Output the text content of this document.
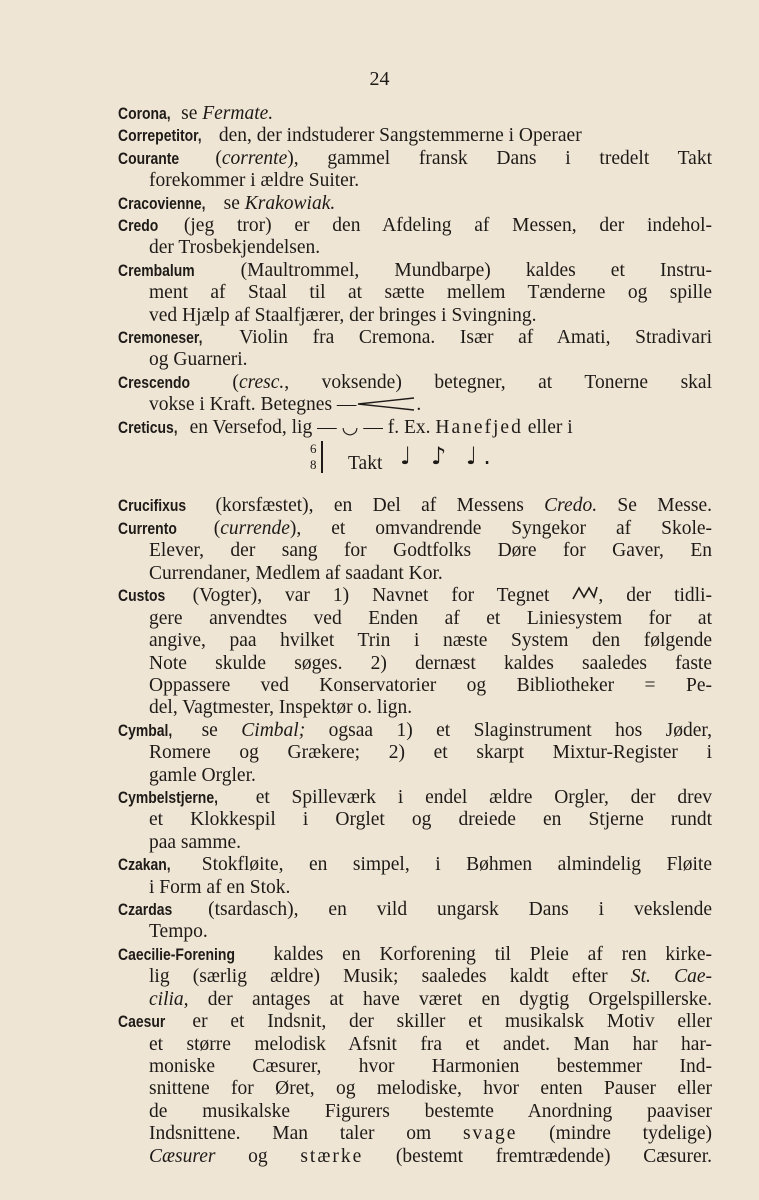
24
Corona, se Fermate.
Correpetitor, den, der indstuderer Sangstemmerne i Operaer
Courante (corrente), gammel fransk Dans i tredelt Takt
forekommer i ældre Suiter.
Cracovienne, se Krakowiak.
Credo (jeg tror) er den Afdeling af Messen, der indehol-
der Trosbekjendelsen.
Crembalum (Maultrommel, Mundbarpe) kaldes et Instru-
ment af Staal til at sætte mellem Tænderne og spille
ved Hjælp af Staalfjærer, der bringes i Svingning.
Cremoneser, Violin fra Cremona. Især af Amati, Stradivari
og Guarneri.
Crescendo (cresc., voksende) betegner, at Tonerne skal
vokse i Kraft. Betegnes —	.
Creticus, en Versefod, lig — ◡ — f. Ex. Hanefjed eller i
6
8 Takt ♩ ♪ ♩.
Crucifixus (korsfæstet), en Del af Messens Credo. Se Messe.
Currento (currende), et omvandrende Syngekor af Skole-
Elever, der sang for Godtfolks Døre for Gaver, En
Currendaner, Medlem af saadant Kor.
Custos (Vogter), var 1) Navnet for Tegnet , der tidli-
gere anvendtes ved Enden af et Liniesystem for at
angive, paa hvilket Trin i næste System den følgende
Note skulde søges. 2) dernæst kaldes saaledes faste
Oppassere ved Konservatorier og Bibliotheker = Pe-
del, Vagtmester, Inspektør o. lign.
Cymbal, se Cimbal; ogsaa 1) et Slaginstrument hos Jøder,
Romere og Grækere; 2) et skarpt Mixtur-Register i
gamle Orgler.
Cymbelstjerne, et Spilleværk i endel ældre Orgler, der drev
et Klokkespil i Orglet og dreiede en Stjerne rundt
paa samme.
Czakan, Stokfløite, en simpel, i Bøhmen almindelig Fløite
i Form af en Stok.
Czardas (tsardasch), en vild ungarsk Dans i vekslende
Tempo.
Caecilie-Forening kaldes en Korforening til Pleie af ren kirke-
lig (særlig ældre) Musik; saaledes kaldt efter St. Cae-
cilia, der antages at have været en dygtig Orgelspillerske.
Caesur er et Indsnit, der skiller et musikalsk Motiv eller
et større melodisk Afsnit fra et andet. Man har har-
moniske Cæsurer, hvor Harmonien bestemmer Ind-
snittene for Øret, og melodiske, hvor enten Pauser eller
de musikalske Figurers bestemte Anordning paaviser
Indsnittene. Man taler om svage (mindre tydelige)
Cæsurer og stærke (bestemt fremtrædende) Cæsurer.
